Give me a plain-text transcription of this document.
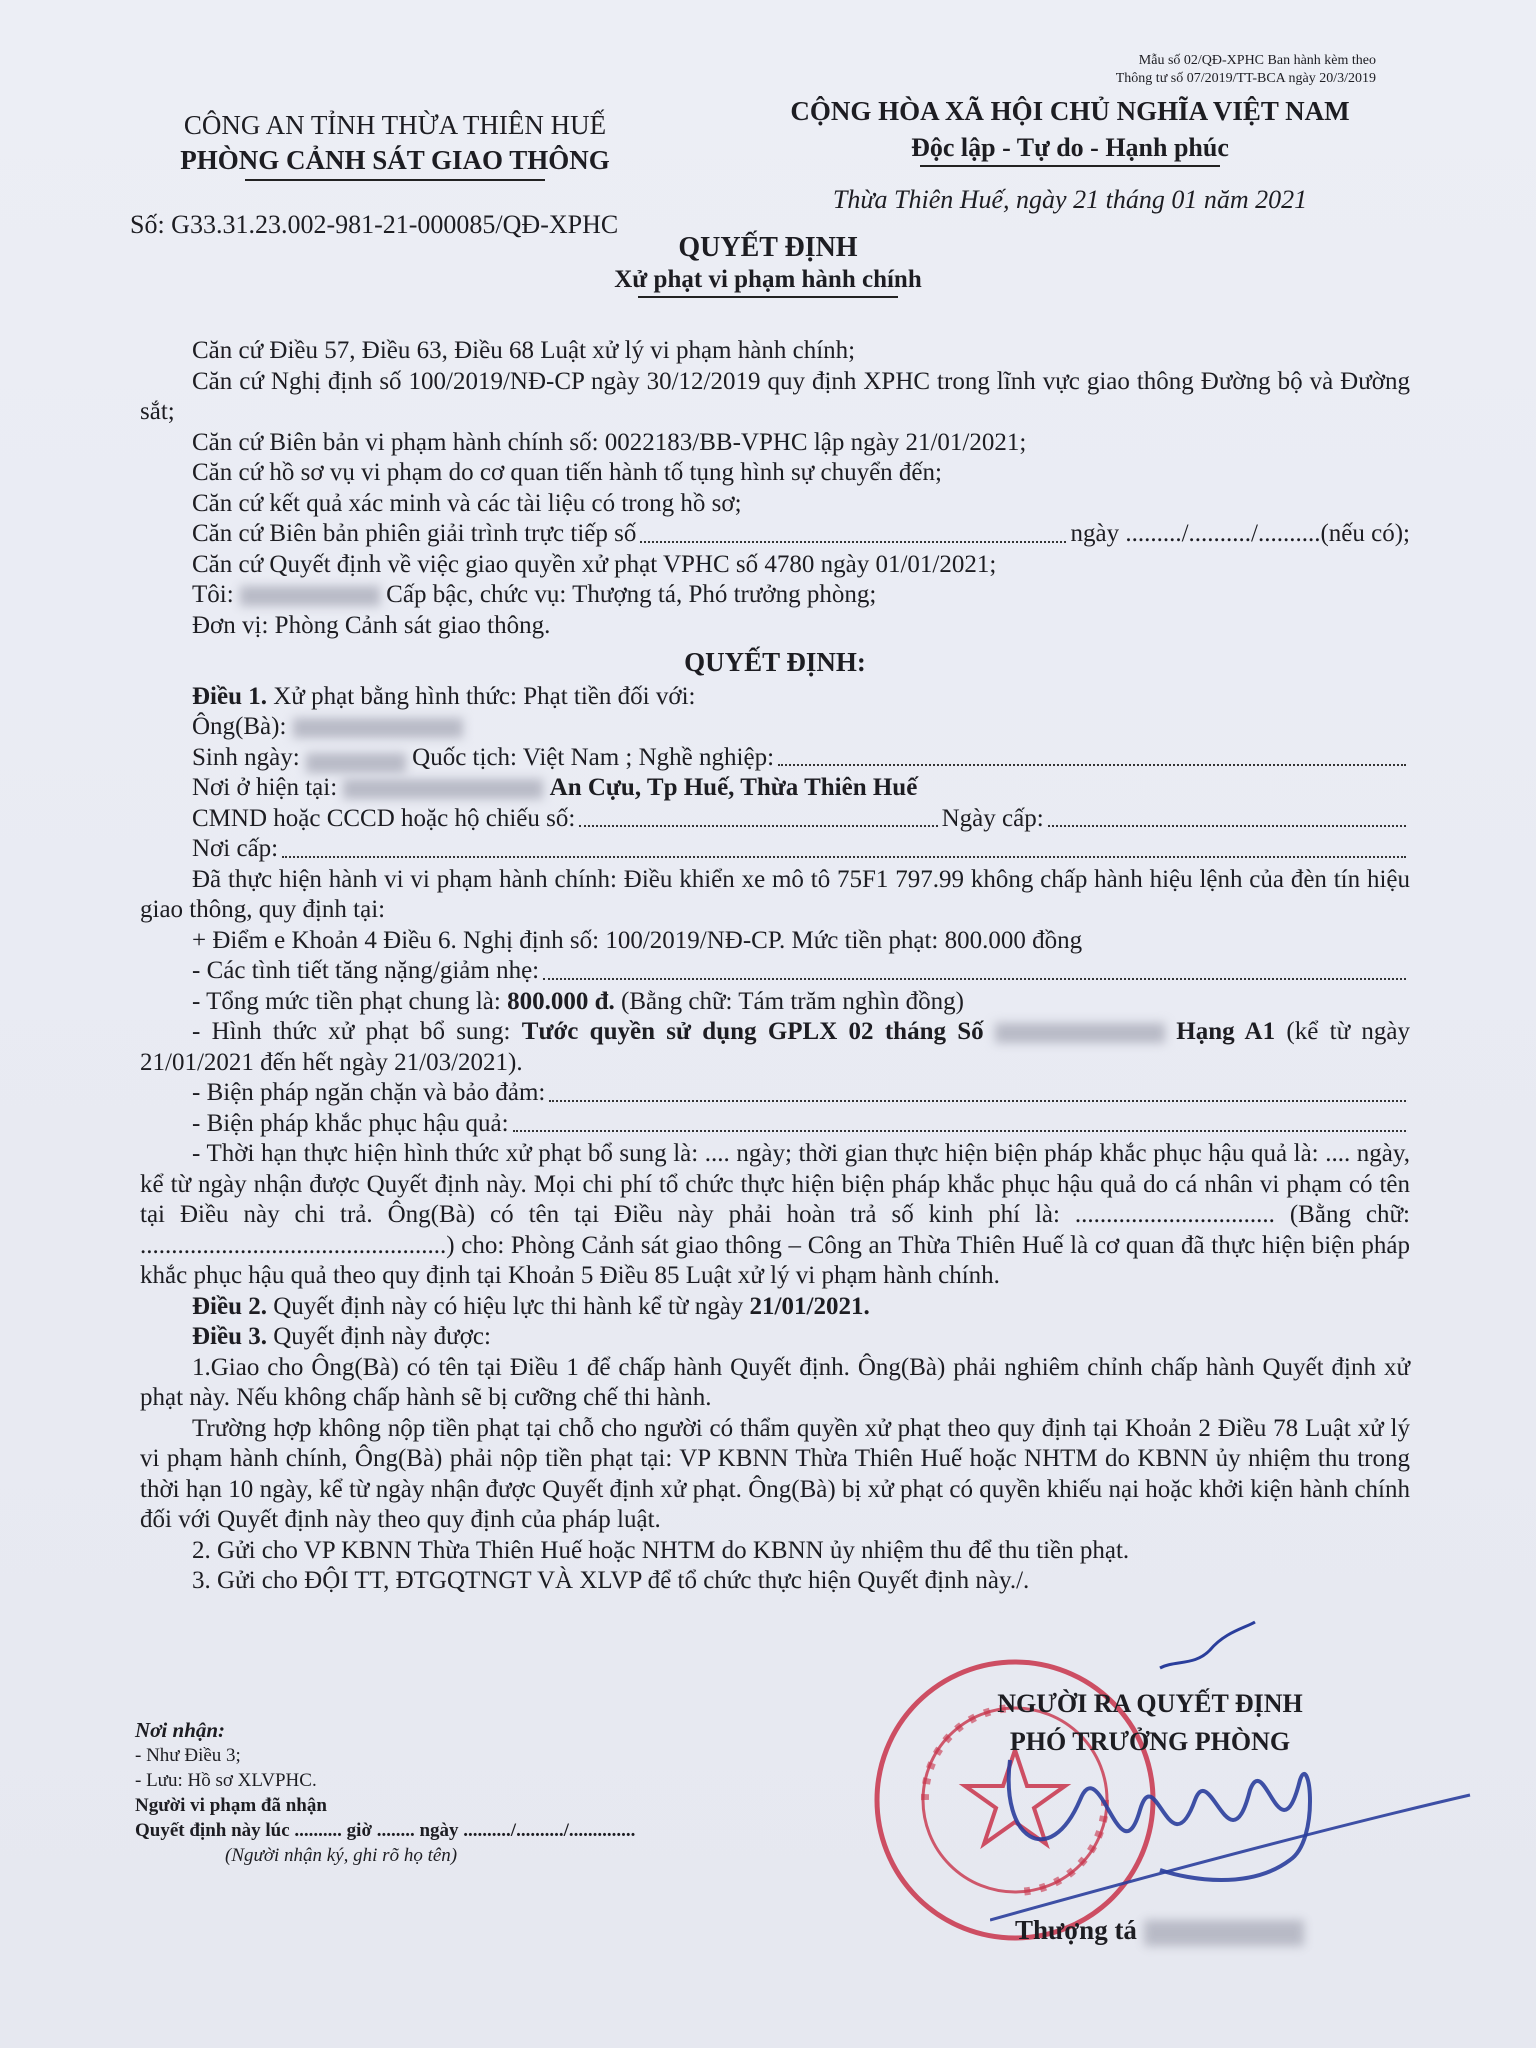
Mẫu số 02/QĐ-XPHC Ban hành kèm theo
Thông tư số 07/2019/TT-BCA ngày 20/3/2019
CÔNG AN TỈNH THỪA THIÊN HUẾ
PHÒNG CẢNH SÁT GIAO THÔNG
Số: G33.31.23.002-981-21-000085/QĐ-XPHC
CỘNG HÒA XÃ HỘI CHỦ NGHĨA VIỆT NAM
Độc lập - Tự do - Hạnh phúc
Thừa Thiên Huế, ngày 21 tháng 01 năm 2021
QUYẾT ĐỊNH
Xử phạt vi phạm hành chính

Căn cứ Điều 57, Điều 63, Điều 68 Luật xử lý vi phạm hành chính;

Căn cứ Nghị định số 100/2019/NĐ-CP ngày 30/12/2019 quy định XPHC trong lĩnh vực giao thông Đường bộ và Đường sắt;

Căn cứ Biên bản vi phạm hành chính số: 0022183/BB-VPHC lập ngày 21/01/2021;

Căn cứ hồ sơ vụ vi phạm do cơ quan tiến hành tố tụng hình sự chuyển đến;

Căn cứ kết quả xác minh và các tài liệu có trong hồ sơ;

Căn cứ Biên bản phiên giải trình trực tiếp số	ngày ........./........../..........(nếu có);

Căn cứ Quyết định về việc giao quyền xử phạt VPHC số 4780 ngày 01/01/2021;

Tôi:	Cấp bậc, chức vụ: Thượng tá, Phó trưởng phòng;

Đơn vị: Phòng Cảnh sát giao thông.

QUYẾT ĐỊNH:

Điều 1. Xử phạt bằng hình thức: Phạt tiền đối với:

Ông(Bà):

Sinh ngày:

	Quốc tịch: Việt Nam ; Nghề nghiệp:

Nơi ở hiện tại:	An Cựu, Tp Huế, Thừa Thiên Huế

CMND hoặc CCCD hoặc hộ chiếu số:	Ngày cấp:
Nơi cấp:

Đã thực hiện hành vi vi phạm hành chính: Điều khiển xe mô tô 75F1 797.99 không chấp hành hiệu lệnh của đèn tín hiệu giao thông, quy định tại:

+ Điểm e Khoản 4 Điều 6. Nghị định số: 100/2019/NĐ-CP. Mức tiền phạt: 800.000 đồng

- Các tình tiết tăng nặng/giảm nhẹ:

- Tổng mức tiền phạt chung là: 800.000 đ. (Bằng chữ: Tám trăm nghìn đồng)

- Hình thức xử phạt bổ sung: Tước quyền sử dụng GPLX 02 tháng Số	Hạng A1 (kể từ ngày 21/01/2021 đến hết ngày 21/03/2021).

- Biện pháp ngăn chặn và bảo đảm:
- Biện pháp khắc phục hậu quả:

- Thời hạn thực hiện hình thức xử phạt bổ sung là: .... ngày; thời gian thực hiện biện pháp khắc phục hậu quả là: .... ngày, kể từ ngày nhận được Quyết định này. Mọi chi phí tổ chức thực hiện biện pháp khắc phục hậu quả do cá nhân vi phạm có tên tại Điều này chi trả. Ông(Bà) có tên tại Điều này phải hoàn trả số kinh phí là: ................................ (Bằng chữ: .................................................) cho: Phòng Cảnh sát giao thông – Công an Thừa Thiên Huế là cơ quan đã thực hiện biện pháp khắc phục hậu quả theo quy định tại Khoản 5 Điều 85 Luật xử lý vi phạm hành chính.

Điều 2. Quyết định này có hiệu lực thi hành kể từ ngày 21/01/2021.

Điều 3. Quyết định này được:

1.Giao cho Ông(Bà) có tên tại Điều 1 để chấp hành Quyết định. Ông(Bà) phải nghiêm chỉnh chấp hành Quyết định xử phạt này. Nếu không chấp hành sẽ bị cưỡng chế thi hành.

Trường hợp không nộp tiền phạt tại chỗ cho người có thẩm quyền xử phạt theo quy định tại Khoản 2 Điều 78 Luật xử lý vi phạm hành chính, Ông(Bà) phải nộp tiền phạt tại: VP KBNN Thừa Thiên Huế hoặc NHTM do KBNN ủy nhiệm thu trong thời hạn 10 ngày, kể từ ngày nhận được Quyết định xử phạt. Ông(Bà) bị xử phạt có quyền khiếu nại hoặc khởi kiện hành chính đối với Quyết định này theo quy định của pháp luật.

2. Gửi cho VP KBNN Thừa Thiên Huế hoặc NHTM do KBNN ủy nhiệm thu để thu tiền phạt.

3. Gửi cho ĐỘI TT, ĐTGQTNGT VÀ XLVP để tổ chức thực hiện Quyết định này./.

Nơi nhận:
- Như Điều 3;
- Lưu: Hồ sơ XLVPHC.
Người vi phạm đã nhận
Quyết định này lúc .......... giờ ........ ngày ........../........../..............
(Người nhận ký, ghi rõ họ tên)
NGƯỜI RA QUYẾT ĐỊNH
PHÓ TRƯỞNG PHÒNG
Thượng tá
